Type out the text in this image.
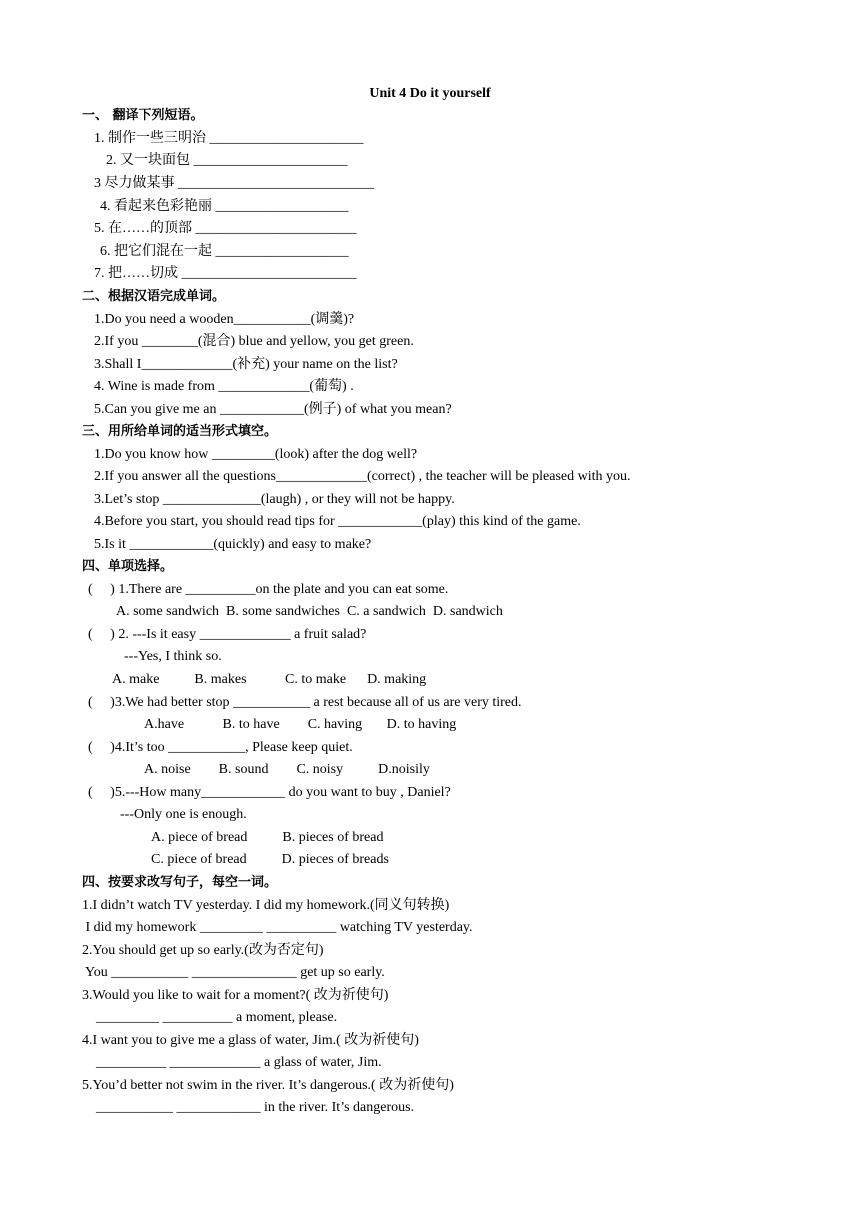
Unit 4 Do it yourself
一、 翻译下列短语。
1. 制作一些三明治 ______________________
2. 又一块面包 ______________________
3 尽力做某事 ____________________________
4. 看起来色彩艳丽 ___________________
5. 在……的顶部 _______________________
6. 把它们混在一起 ___________________
7. 把……切成 _________________________
二、根据汉语完成单词。
1.Do you need a wooden___________(调羹)?
2.If you ________(混合) blue and yellow, you get green.
3.Shall I_____________(补充) your name on the list?
4. Wine is made from _____________(葡萄) .
5.Can you give me an ____________(例子) of what you mean?
三、用所给单词的适当形式填空。
1.Do you know how _________(look) after the dog well?
2.If you answer all the questions_____________(correct) , the teacher will be pleased with you.
3.Let’s stop ______________(laugh) , or they will not be happy.
4.Before you start, you should read tips for ____________(play) this kind of the game.
5.Is it ____________(quickly) and easy to make?
四、单项选择。
(     ) 1.There are __________on the plate and you can eat some.
A. some sandwich  B. some sandwiches  C. a sandwich  D. sandwich
(     ) 2. ---Is it easy _____________ a fruit salad?
---Yes, I think so.
A. make          B. makes           C. to make      D. making
(     )3.We had better stop ___________ a rest because all of us are very tired.
A.have           B. to have        C. having       D. to having
(     )4.It’s too ___________, Please keep quiet.
A. noise        B. sound        C. noisy          D.noisily
(     )5.---How many____________ do you want to buy , Daniel?
---Only one is enough.
A. piece of bread          B. pieces of bread
C. piece of bread          D. pieces of breads
四、按要求改写句子，每空一词。
1.I didn’t watch TV yesterday. I did my homework.(同义句转换)
I did my homework _________ __________ watching TV yesterday.
2.You should get up so early.(改为否定句)
You ___________ _______________ get up so early.
3.Would you like to wait for a moment?( 改为祈使句)
_________ __________ a moment, please.
4.I want you to give me a glass of water, Jim.( 改为祈使句)
__________ _____________ a glass of water, Jim.
5.You’d better not swim in the river. It’s dangerous.( 改为祈使句)
___________ ____________ in the river. It’s dangerous.
